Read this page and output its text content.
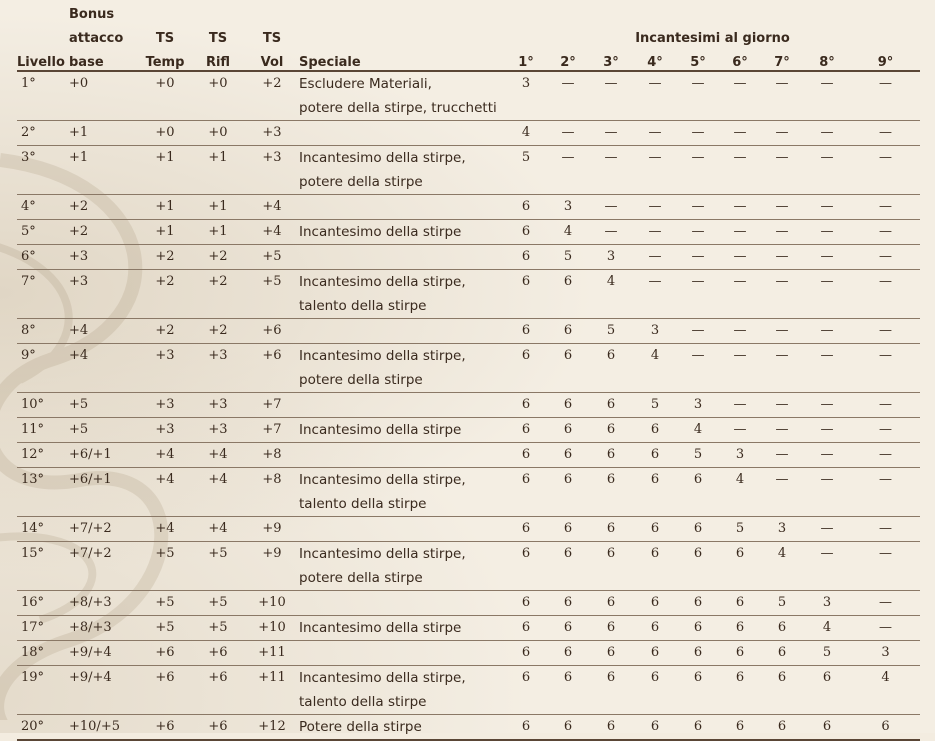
	Bonus													
	attacco	TS	TS	TS		Incantesimi al giorno								
Livello	base	Temp	Rifl	Vol	Speciale	1°	2°	3°	4°	5°	6°	7°	8°	9°
1°	+0	+0	+0	+2	Escludere Materiali,
potere della stirpe, trucchetti	3	—	—	—	—	—	—	—	—
2°	+1	+0	+0	+3		4	—	—	—	—	—	—	—	—
3°	+1	+1	+1	+3	Incantesimo della stirpe,
potere della stirpe	5	—	—	—	—	—	—	—	—
4°	+2	+1	+1	+4		6	3	—	—	—	—	—	—	—
5°	+2	+1	+1	+4	Incantesimo della stirpe	6	4	—	—	—	—	—	—	—
6°	+3	+2	+2	+5		6	5	3	—	—	—	—	—	—
7°	+3	+2	+2	+5	Incantesimo della stirpe,
talento della stirpe	6	6	4	—	—	—	—	—	—
8°	+4	+2	+2	+6		6	6	5	3	—	—	—	—	—
9°	+4	+3	+3	+6	Incantesimo della stirpe,
potere della stirpe	6	6	6	4	—	—	—	—	—
10°	+5	+3	+3	+7		6	6	6	5	3	—	—	—	—
11°	+5	+3	+3	+7	Incantesimo della stirpe	6	6	6	6	4	—	—	—	—
12°	+6/+1	+4	+4	+8		6	6	6	6	5	3	—	—	—
13°	+6/+1	+4	+4	+8	Incantesimo della stirpe,
talento della stirpe	6	6	6	6	6	4	—	—	—
14°	+7/+2	+4	+4	+9		6	6	6	6	6	5	3	—	—
15°	+7/+2	+5	+5	+9	Incantesimo della stirpe,
potere della stirpe	6	6	6	6	6	6	4	—	—
16°	+8/+3	+5	+5	+10		6	6	6	6	6	6	5	3	—
17°	+8/+3	+5	+5	+10	Incantesimo della stirpe	6	6	6	6	6	6	6	4	—
18°	+9/+4	+6	+6	+11		6	6	6	6	6	6	6	5	3
19°	+9/+4	+6	+6	+11	Incantesimo della stirpe,
talento della stirpe	6	6	6	6	6	6	6	6	4
20°	+10/+5	+6	+6	+12	Potere della stirpe	6	6	6	6	6	6	6	6	6
